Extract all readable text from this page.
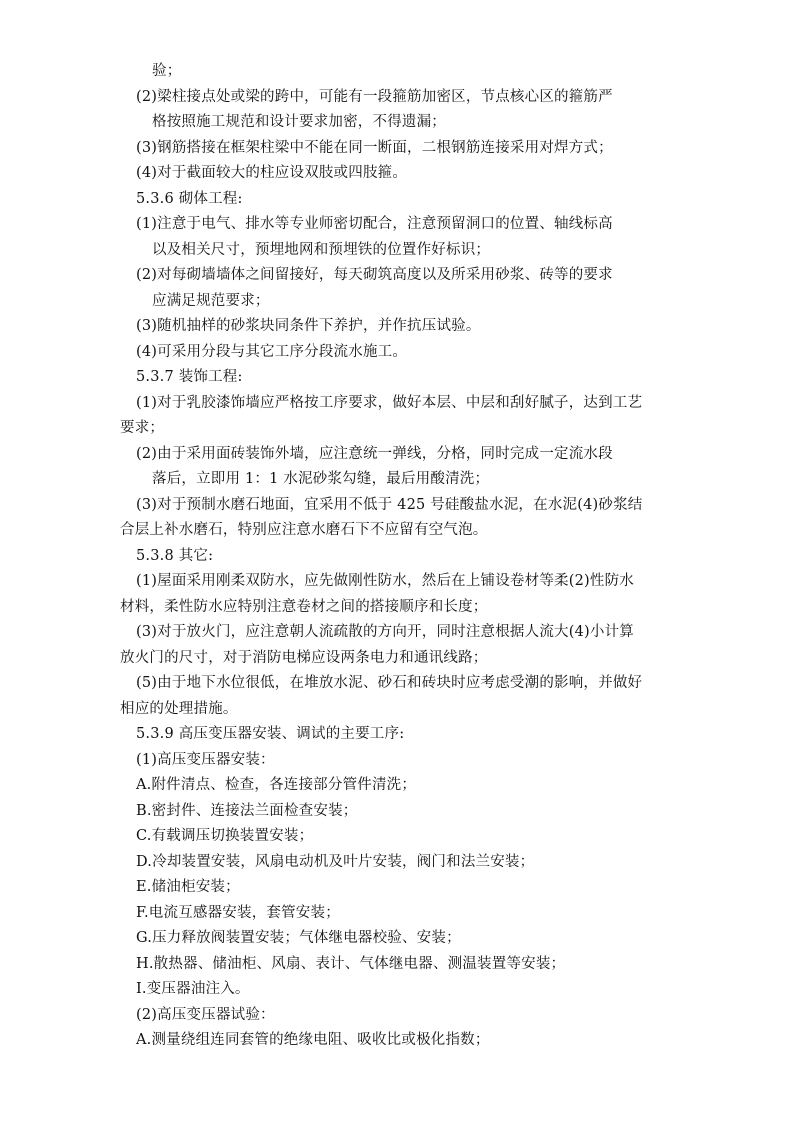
验；
(2)梁柱接点处或梁的跨中，可能有一段箍筋加密区，节点核心区的箍筋严
格按照施工规范和设计要求加密，不得遗漏；
(3)钢筋搭接在框架柱梁中不能在同一断面，二根钢筋连接采用对焊方式；
(4)对于截面较大的柱应设双肢或四肢箍。
5.3.6 砌体工程:
(1)注意于电气、排水等专业师密切配合，注意预留洞口的位置、轴线标高
以及相关尺寸，预埋地网和预埋铁的位置作好标识；
(2)对每砌墙墙体之间留接好，每天砌筑高度以及所采用砂浆、砖等的要求
应满足规范要求；
(3)随机抽样的砂浆块同条件下养护，并作抗压试验。
(4)可采用分段与其它工序分段流水施工。
5.3.7 装饰工程:
(1)对于乳胶漆饰墙应严格按工序要求，做好本层、中层和刮好腻子，达到工艺
要求；
(2)由于采用面砖装饰外墙，应注意统一弹线，分格，同时完成一定流水段
落后，立即用 1：1 水泥砂浆勾缝，最后用酸清洗；
(3)对于预制水磨石地面，宜采用不低于 425 号硅酸盐水泥，在水泥(4)砂浆结
合层上补水磨石，特别应注意水磨石下不应留有空气泡。
5.3.8 其它:
(1)屋面采用刚柔双防水，应先做刚性防水，然后在上铺设卷材等柔(2)性防水
材料，柔性防水应特别注意卷材之间的搭接顺序和长度；
(3)对于放火门，应注意朝人流疏散的方向开，同时注意根据人流大(4)小计算
放火门的尺寸，对于消防电梯应设两条电力和通讯线路；
(5)由于地下水位很低，在堆放水泥、砂石和砖块时应考虑受潮的影响，并做好
相应的处理措施。
5.3.9 高压变压器安装、调试的主要工序:
(1)高压变压器安装：
A.附件清点、检查，各连接部分管件清洗；
B.密封件、连接法兰面检查安装；
C.有载调压切换装置安装；
D.冷却装置安装，风扇电动机及叶片安装，阀门和法兰安装；
E.储油柜安装；
F.电流互感器安装，套管安装；
G.压力释放阀装置安装；气体继电器校验、安装；
H.散热器、储油柜、风扇、表计、气体继电器、测温装置等安装；
I.变压器油注入。
(2)高压变压器试验：
A.测量绕组连同套管的绝缘电阻、吸收比或极化指数；
